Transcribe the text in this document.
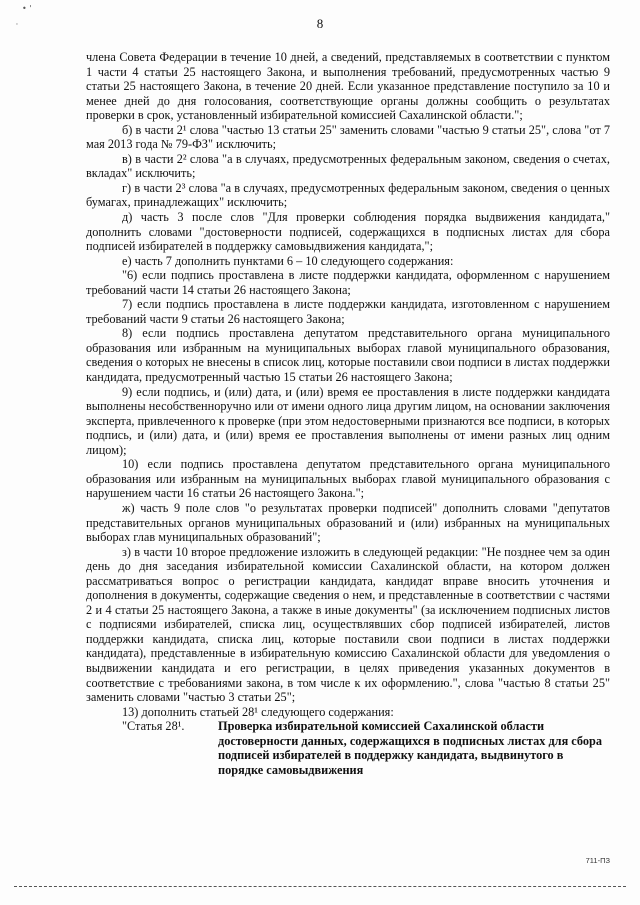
• '
'	8

члена Совета Федерации в течение 10 дней, а сведений, представляемых в соответствии с пунктом 1 части 4 статьи 25 настоящего Закона, и выполнения требований, предусмотренных частью 9 статьи 25 настоящего Закона, в течение 20 дней. Если указанное представление поступило за 10 и менее дней до дня голосования, соответствующие органы должны сообщить о результатах проверки в срок, установленный избирательной комиссией Сахалинской области.";

б) в части 2¹ слова "частью 13 статьи 25" заменить словами "частью 9 статьи 25", слова "от 7 мая 2013 года № 79-ФЗ" исключить;

в) в части 2² слова "а в случаях, предусмотренных федеральным законом, сведения о счетах, вкладах" исключить;

г) в части 2³ слова "а в случаях, предусмотренных федеральным законом, сведения о ценных бумагах, принадлежащих" исключить;

д) часть 3 после слов "Для проверки соблюдения порядка выдвижения кандидата," дополнить словами "достоверности подписей, содержащихся в подписных листах для сбора подписей избирателей в поддержку самовыдвижения кандидата,";

е) часть 7 дополнить пунктами 6 – 10 следующего содержания:

"6) если подпись проставлена в листе поддержки кандидата, оформленном с нарушением требований части 14 статьи 26 настоящего Закона;

7) если подпись проставлена в листе поддержки кандидата, изготовленном с нарушением требований части 9 статьи 26 настоящего Закона;

8) если подпись проставлена депутатом представительного органа муниципального образования или избранным на муниципальных выборах главой муниципального образования, сведения о которых не внесены в список лиц, которые поставили свои подписи в листах поддержки кандидата, предусмотренный частью 15 статьи 26 настоящего Закона;

9) если подпись, и (или) дата, и (или) время ее проставления в листе поддержки кандидата выполнены несобственноручно или от имени одного лица другим лицом, на основании заключения эксперта, привлеченного к проверке (при этом недостоверными признаются все подписи, в которых подпись, и (или) дата, и (или) время ее проставления выполнены от имени разных лиц одним лицом);

10) если подпись проставлена депутатом представительного органа муниципального образования или избранным на муниципальных выборах главой муниципального образования с нарушением части 16 статьи 26 настоящего Закона.";

ж) часть 9 поле слов "о результатах проверки подписей" дополнить словами "депутатов представительных органов муниципальных образований и (или) избранных на муниципальных выборах глав муниципальных образований";

з) в части 10 второе предложение изложить в следующей редакции: "Не позднее чем за один день до дня заседания избирательной комиссии Сахалинской области, на котором должен рассматриваться вопрос о регистрации кандидата, кандидат вправе вносить уточнения и дополнения в документы, содержащие сведения о нем, и представленные в соответствии с частями 2 и 4 статьи 25 настоящего Закона, а также в иные документы" (за исключением подписных листов с подписями избирателей, списка лиц, осуществлявших сбор подписей избирателей, листов поддержки кандидата, списка лиц, которые поставили свои подписи в листах поддержки кандидата), представленные в избирательную комиссию Сахалинской области для уведомления о выдвижении кандидата и его регистрации, в целях приведения указанных документов в соответствие с требованиями закона, в том числе к их оформлению.", слова "частью 8 статьи 25" заменить словами "частью 3 статьи 25";

13) дополнить статьей 28¹ следующего содержания:

"Статья 28¹.	Проверка избирательной комиссией Сахалинской области достоверности данных, содержащихся в подписных листах для сбора подписей избирателей в поддержку кандидата, выдвинутого в порядке самовыдвижения
711-ПЗ
